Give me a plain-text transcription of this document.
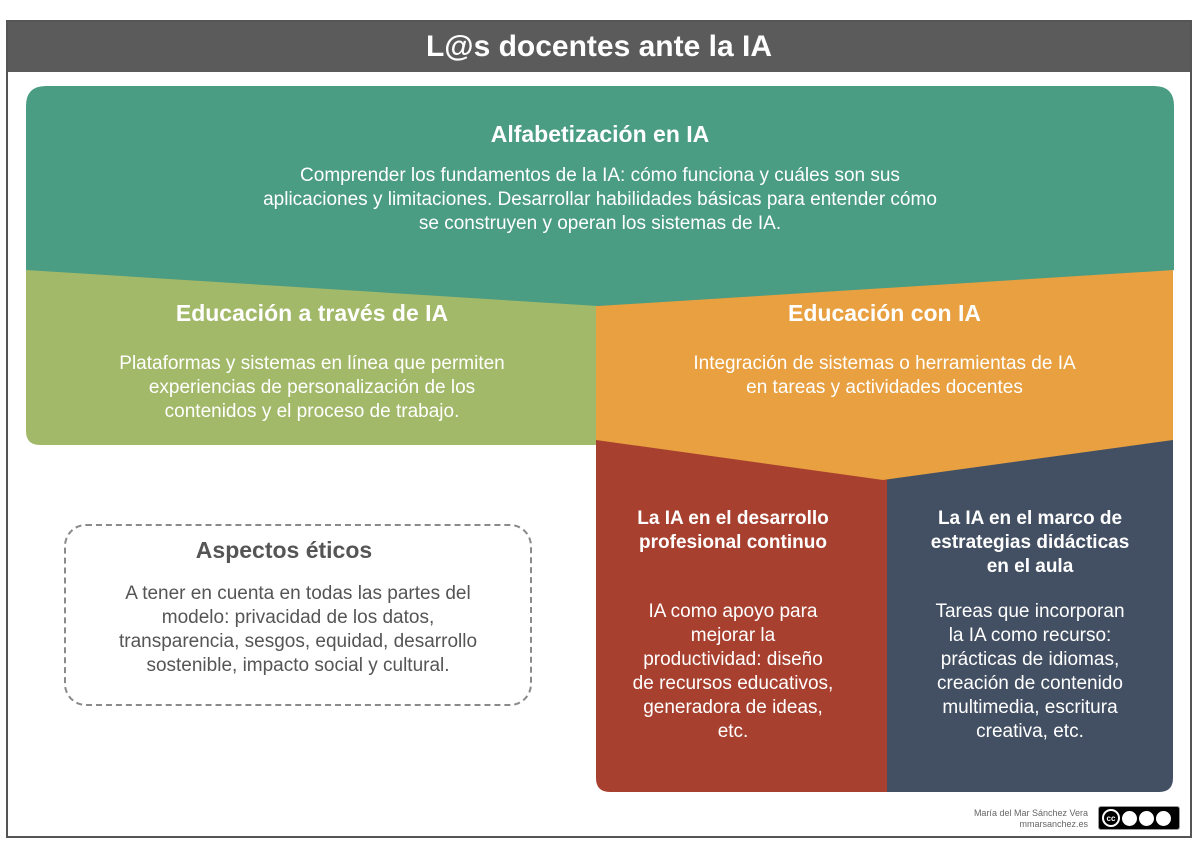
L@s docentes ante la IA
Alfabetización en IA
Comprender los fundamentos de la IA: cómo funciona y cuáles son sus
aplicaciones y limitaciones. Desarrollar habilidades básicas para entender cómo
se construyen y operan los sistemas de IA.
Educación a través de IA
Plataformas y sistemas en línea que permiten
experiencias de personalización de los
contenidos y el proceso de trabajo.
Educación con IA
Integración de sistemas o herramientas de IA
en tareas y actividades docentes
La IA en el desarrollo
profesional continuo
IA como apoyo para
mejorar la
productividad: diseño
de recursos educativos,
generadora de ideas,
etc.
La IA en el marco de
estrategias didácticas
en el aula
Tareas que incorporan
la IA como recurso:
prácticas de idiomas,
creación de contenido
multimedia, escritura
creativa, etc.
Aspectos éticos
A tener en cuenta en todas las partes del
modelo: privacidad de los datos,
transparencia, sesgos, equidad, desarrollo
sostenible, impacto social y cultural.
María del Mar Sánchez Vera
mmarsanchez.es
cc
